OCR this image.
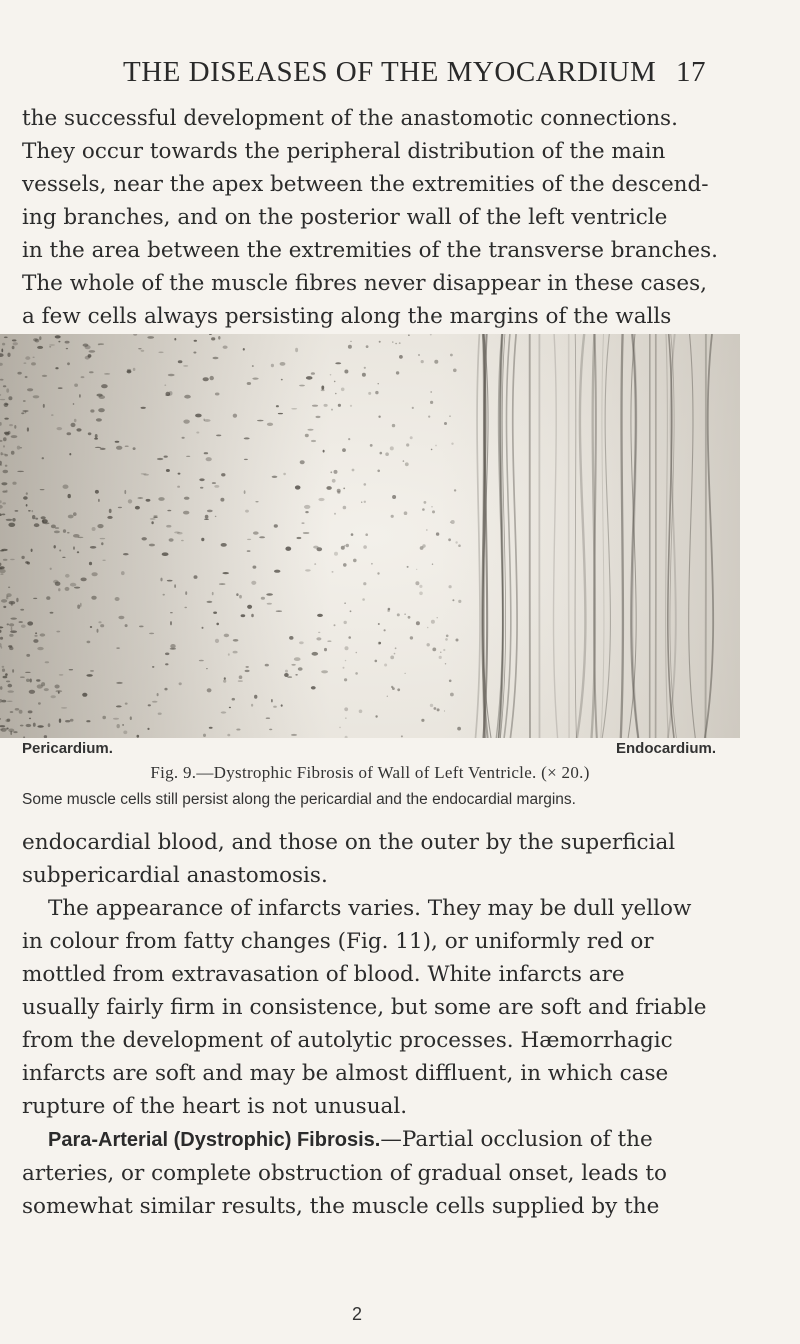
THE DISEASES OF THE MYOCARDIUM 17
the successful development of the anastomotic connections.
They occur towards the peripheral distribution of the main
vessels, near the apex between the extremities of the descend-
ing branches, and on the posterior wall of the left ventricle
in the area between the extremities of the transverse branches.
The whole of the muscle fibres never disappear in these cases,
a few cells always persisting along the margins of the walls
Pericardium.	Endocardium.
Fig. 9.—Dystrophic Fibrosis of Wall of Left Ventricle. (× 20.)
Some muscle cells still persist along the pericardial and the endocardial margins.
endocardial blood, and those on the outer by the superficial
subpericardial anastomosis.
The appearance of infarcts varies. They may be dull yellow
in colour from fatty changes (Fig. 11), or uniformly red or
mottled from extravasation of blood. White infarcts are
usually fairly firm in consistence, but some are soft and friable
from the development of autolytic processes. Hæmorrhagic
infarcts are soft and may be almost diffluent, in which case
rupture of the heart is not unusual.
Para-Arterial (Dystrophic) Fibrosis.—Partial occlusion of the
arteries, or complete obstruction of gradual onset, leads to
somewhat similar results, the muscle cells supplied by the
2
